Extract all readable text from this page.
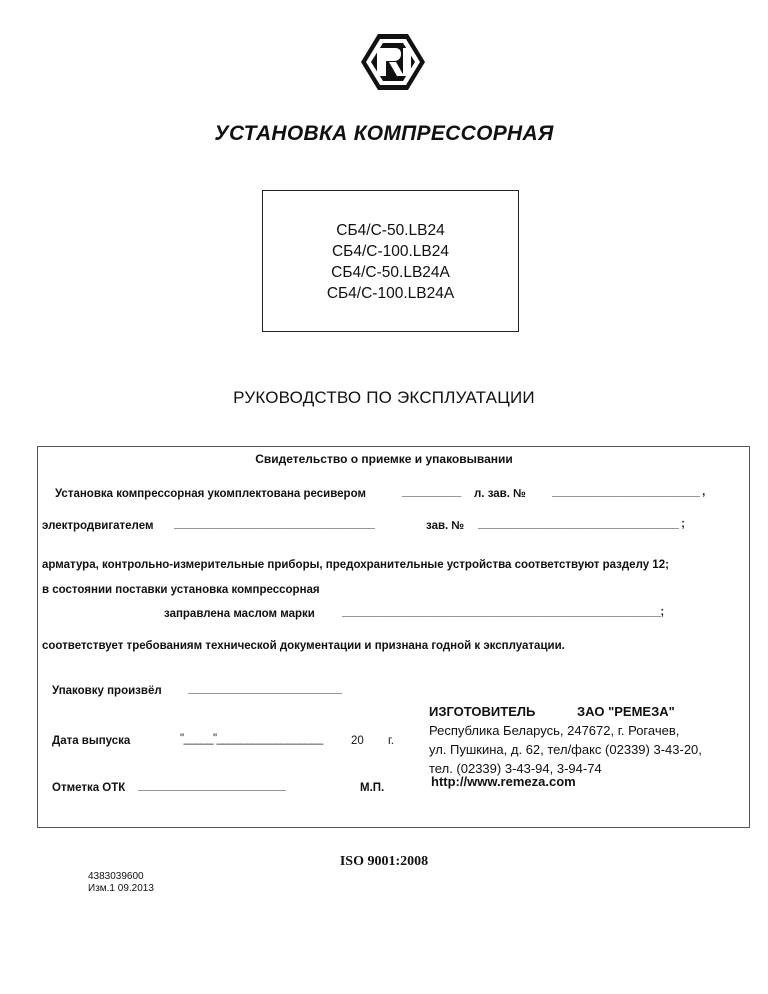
УСТАНОВКА КОМПРЕССОРНАЯ
СБ4/С-50.LB24
СБ4/С-100.LB24
СБ4/С-50.LB24А
СБ4/С-100.LB24А
РУКОВОДСТВО ПО ЭКСПЛУАТАЦИИ
Свидетельство о приемке и упаковывании
Установка компрессорная укомплектована ресивером	__________ л. зав. № _________________________ ,
электродвигателем __________________________________	зав. № __________________________________ ;
арматура, контрольно-измерительные приборы, предохранительные устройства соответствуют разделу 12;
в состоянии поставки установка компрессорная
заправлена маслом марки ______________________________________________________;
соответствует требованиям технической документации и признана годной к эксплуатации.
Упаковку произвёл __________________________
Дата выпуска	"_____"__________________ 20 г.
Отметка ОТК _________________________	М.П.
ИЗГОТОВИТЕЛЬ	ЗАО "РЕМЕЗА"
Республика Беларусь, 247672, г. Рогачев,
ул. Пушкина, д. 62, тел/факс (02339) 3-43-20,
тел. (02339) 3-43-94, 3-94-74
http://www.remeza.com
ISO 9001:2008
4383039600
Изм.1 09.2013
